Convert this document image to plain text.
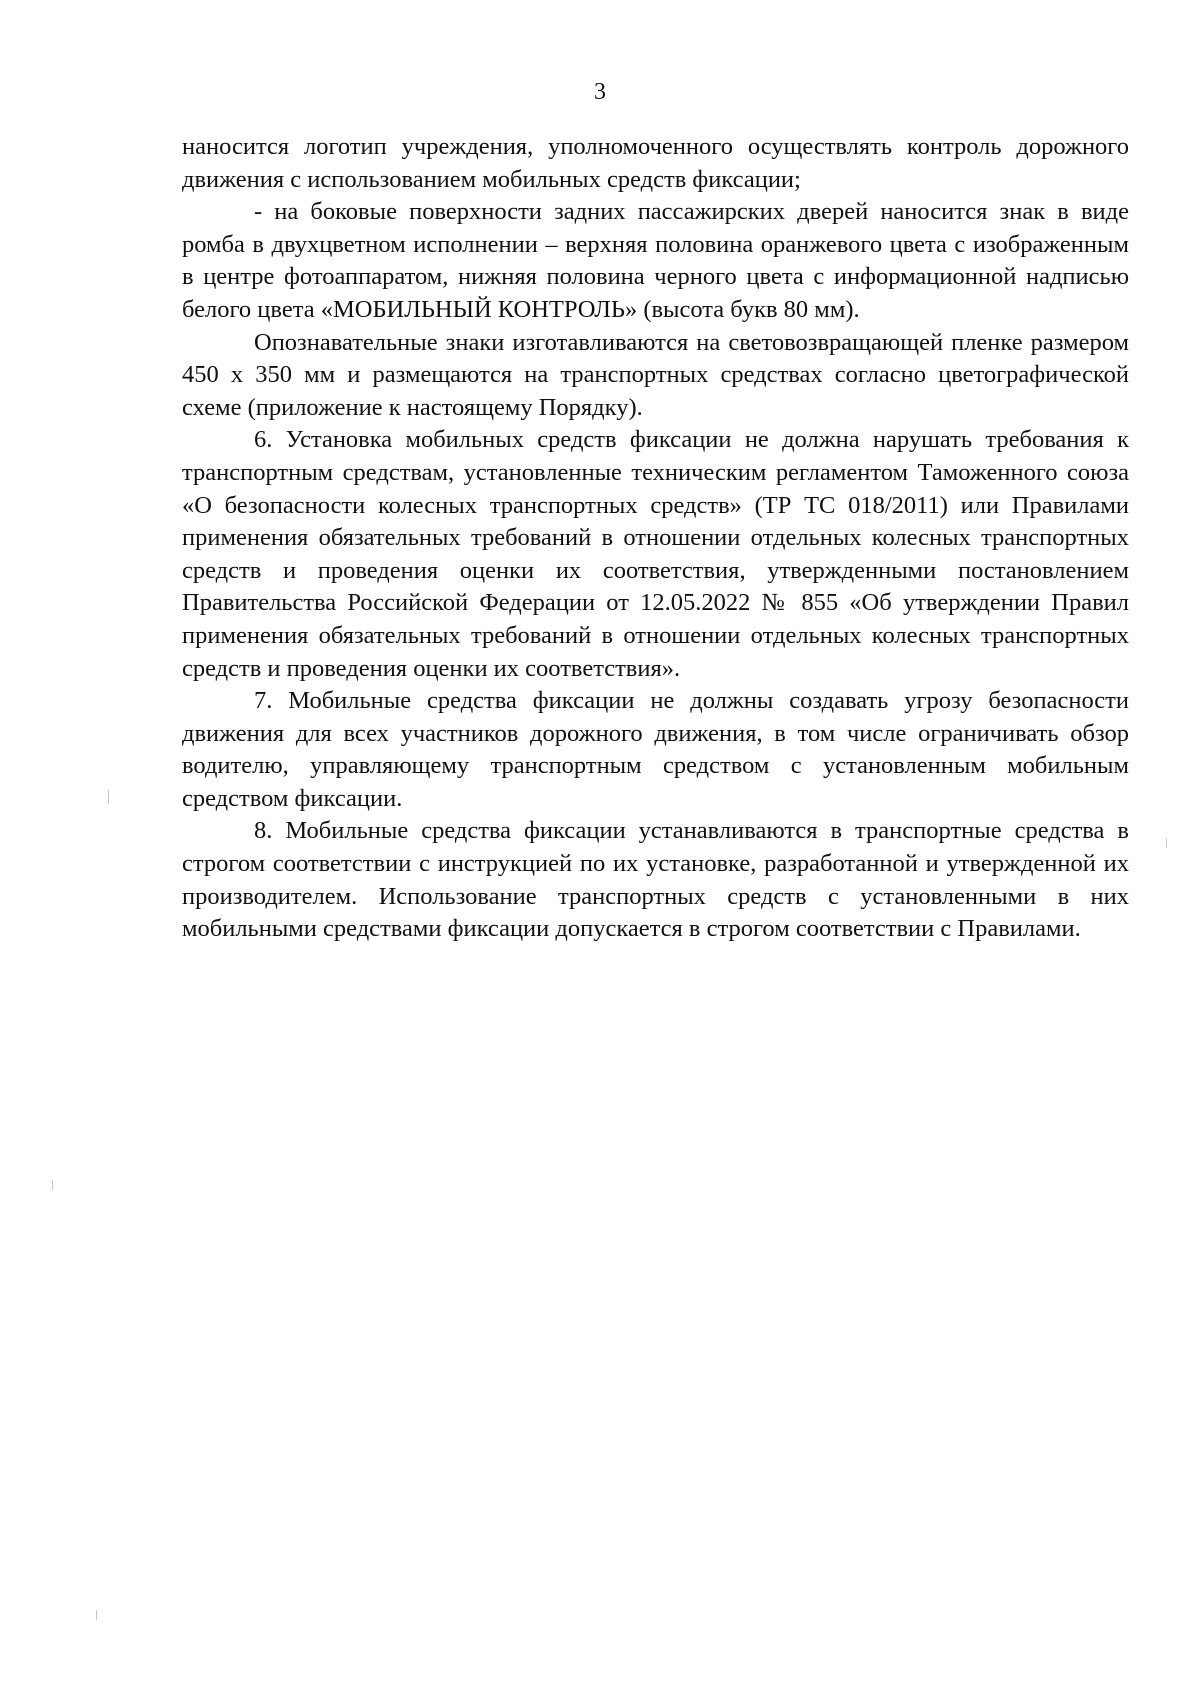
3

наносится логотип учреждения, уполномоченного осуществлять контроль дорожного движения с использованием мобильных средств фиксации;

- на боковые поверхности задних пассажирских дверей наносится знак в виде ромба в двухцветном исполнении – верхняя половина оранжевого цвета с изображенным в центре фотоаппаратом, нижняя половина черного цвета с информационной надписью белого цвета «МОБИЛЬНЫЙ КОНТРОЛЬ» (высота букв 80 мм).

Опознавательные знаки изготавливаются на световозвращающей пленке размером 450 х 350 мм и размещаются на транспортных средствах согласно цветографической схеме (приложение к настоящему Порядку).

6. Установка мобильных средств фиксации не должна нарушать требования к транспортным средствам, установленные техническим регламентом Таможенного союза «О безопасности колесных транспортных средств» (ТР ТС 018/2011) или Правилами применения обязательных требований в отношении отдельных колесных транспортных средств и проведения оценки их соответствия, утвержденными постановлением Правительства Российской Федерации от 12.05.2022 № 855 «Об утверждении Правил применения обязательных требований в отношении отдельных колесных транспортных средств и проведения оценки их соответствия».

7. Мобильные средства фиксации не должны создавать угрозу безопасности движения для всех участников дорожного движения, в том числе ограничивать обзор водителю, управляющему транспортным средством с установленным мобильным средством фиксации.

8. Мобильные средства фиксации устанавливаются в транспортные средства в строгом соответствии с инструкцией по их установке, разработанной и утвержденной их производителем. Использование транспортных средств с установленными в них мобильными средствами фиксации допускается в строгом соответствии с Правилами.
